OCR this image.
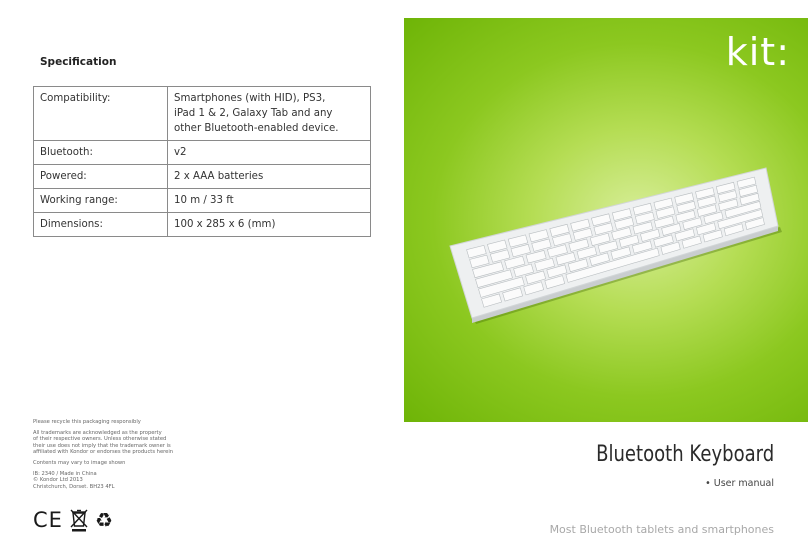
Specification
Compatibility:	Smartphones (with HID), PS3,
iPad 1 & 2, Galaxy Tab and any
other Bluetooth-enabled device.

Bluetooth:	v2
Powered:	2 x AAA batteries
Working range:	10 m / 33 ft
Dimensions:	100 x 285 x 6 (mm)
Please recycle this packaging responsibly
All trademarks are acknowledged as the property
of their respective owners. Unless otherwise stated
their use does not imply that the trademark owner is
affiliated with Kondor or endorses the products herein
Contents may vary to image shown
IB: 2340 / Made in China
© Kondor Ltd 2013
Christchurch, Dorset. BH23 4FL
CE ♻
kit:
Bluetooth Keyboard
• User manual
Most Bluetooth tablets and smartphones
